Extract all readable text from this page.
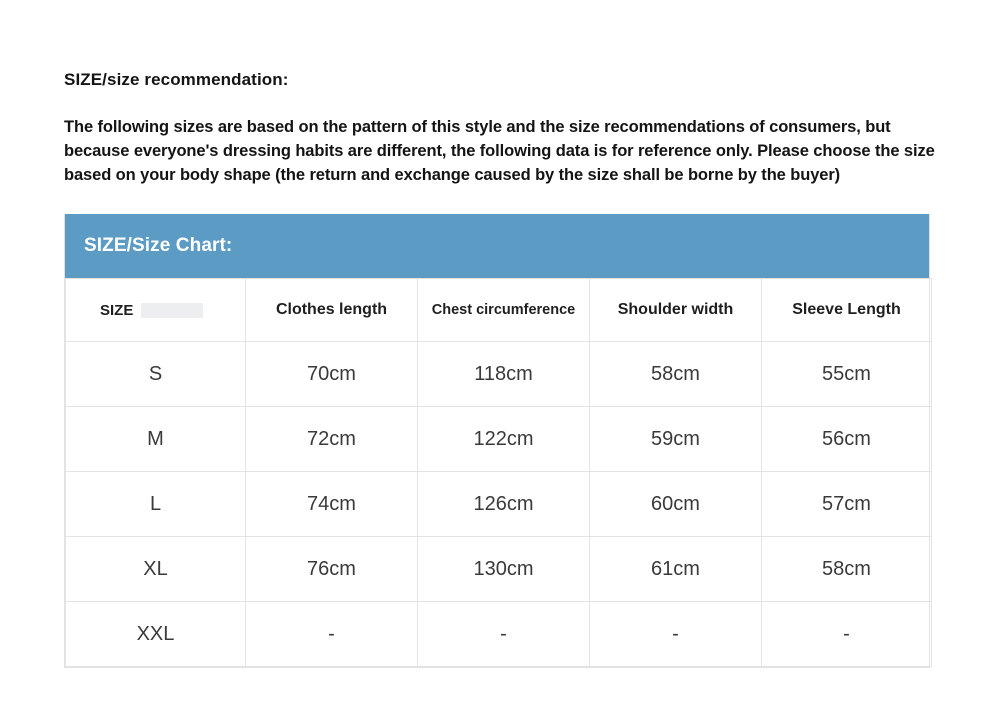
SIZE/size recommendation:
The following sizes are based on the pattern of this style and the size recommendations of consumers, but because everyone's dressing habits are different, the following data is for reference only. Please choose the size based on your body shape (the return and exchange caused by the size shall be borne by the buyer)
SIZE/Size Chart:
SIZE	Clothes length	Chest circumference	Shoulder width	Sleeve Length
S	70cm	118cm	58cm	55cm
M	72cm	122cm	59cm	56cm
L	74cm	126cm	60cm	57cm
XL	76cm	130cm	61cm	58cm
XXL	-	-	-	-
